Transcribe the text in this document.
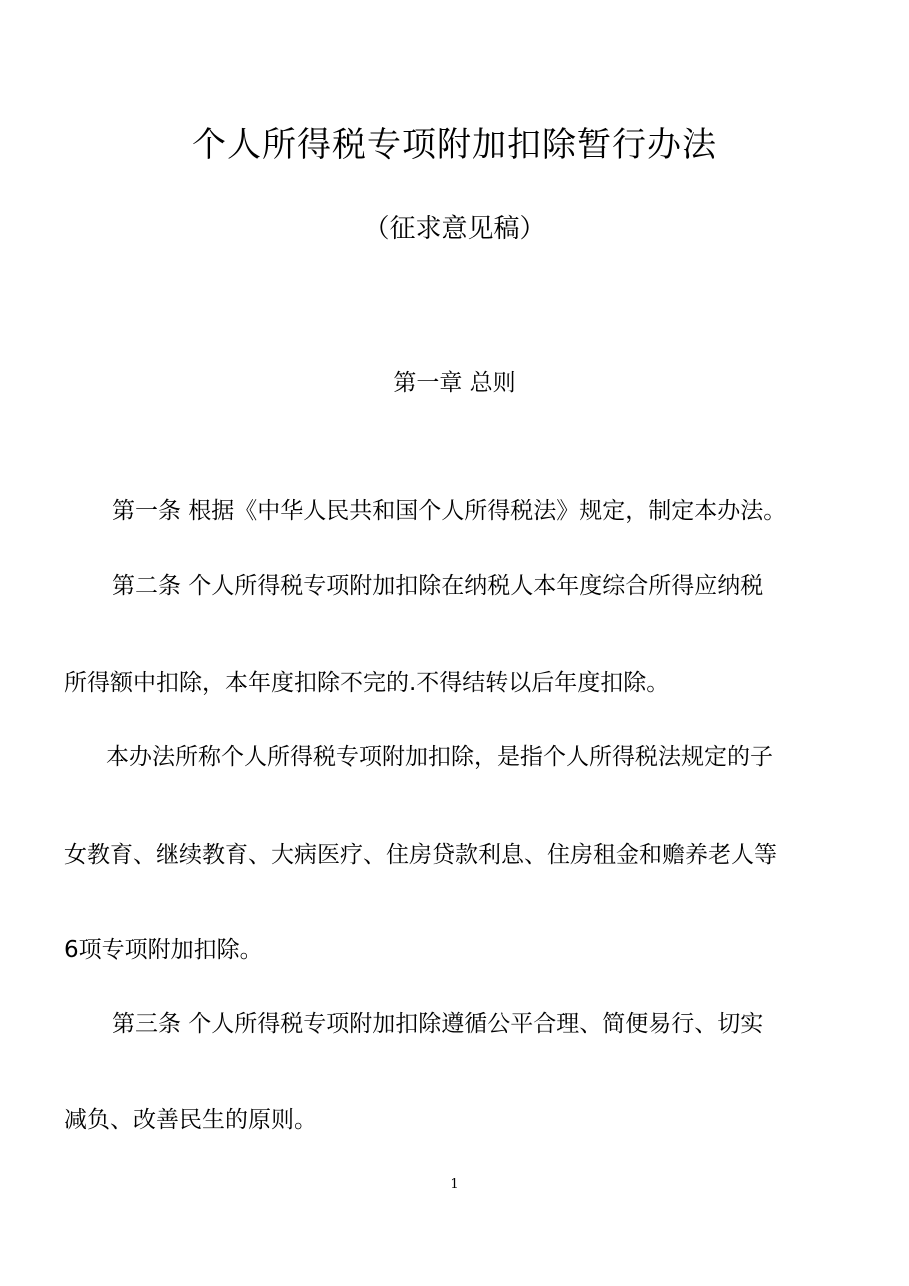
个人所得税专项附加扣除暂行办法
（征求意见稿）
第一章 总则
第一条 根据《中华人民共和国个人所得税法》规定，制定本办法。
第二条 个人所得税专项附加扣除在纳税人本年度综合所得应纳税
所得额中扣除，本年度扣除不完的.不得结转以后年度扣除。
本办法所称个人所得税专项附加扣除，是指个人所得税法规定的子
女教育、继续教育、大病医疗、住房贷款利息、住房租金和赡养老人等
6项专项附加扣除。
第三条 个人所得税专项附加扣除遵循公平合理、简便易行、切实
减负、改善民生的原则。
1
